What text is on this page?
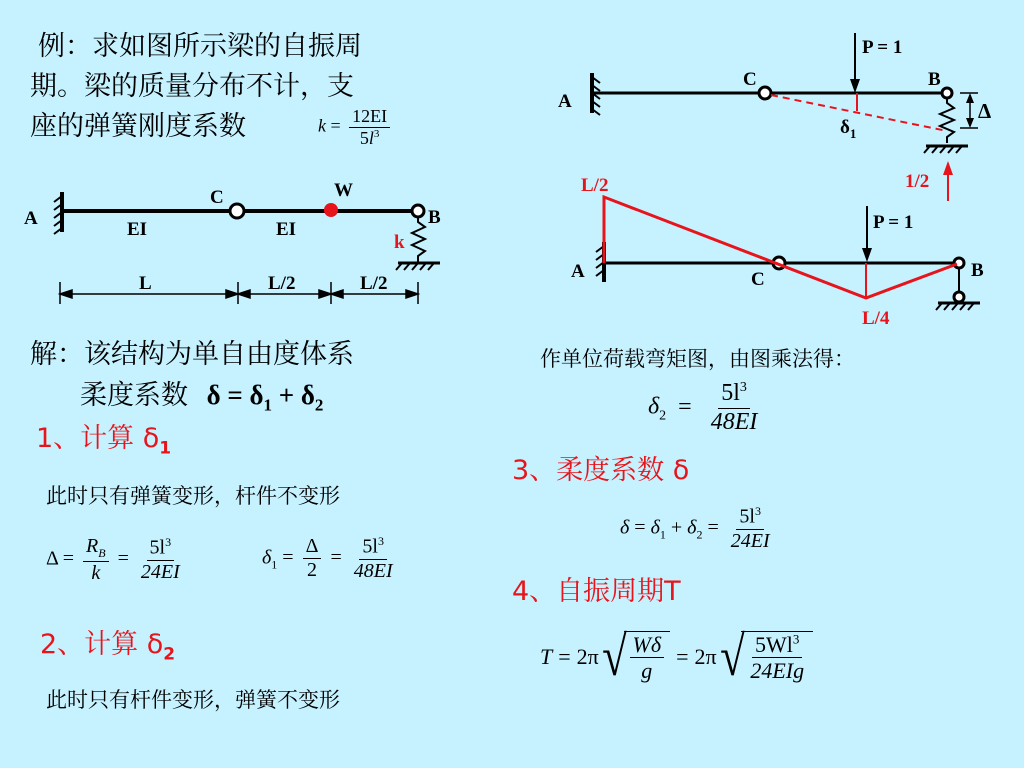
例：求如图所示梁的自振周
期。梁的质量分布不计，支
座的弹簧刚度系数	$k = \frac{12EI}{5l^3}$
A
C	W
B
k
EI	EI
L	L/2	L/2
P = 1
Δ
1/2
A
C	B
$\delta_1$
L/2
P = 1
A	C	B
L/4
解：该结构为单自由度体系
柔度系数 $\delta = \delta_1 + \delta_2$
1、计算 $\delta_1$
此时只有弹簧变形，杆件不变形
$\Delta = \frac{R_B}{k} = \frac{5l^3}{24EI}$	$\delta_1 = \frac{\Delta}{2} = \frac{5l^3}{48EI}$
2、计算 $\delta_2$
此时只有杆件变形，弹簧不变形
作单位荷载弯矩图，由图乘法得：
$\delta_2 = \frac{5l^3}{48EI}$
3、柔度系数 δ
$\delta = \delta_1 + \delta_2 = \frac{5l^3}{24EI}$
4、自振周期T
T = 2π √ $\frac{W\delta}{g} = 2\pi$ √ $\frac{5Wl^3}{\text{24EIg}}$
